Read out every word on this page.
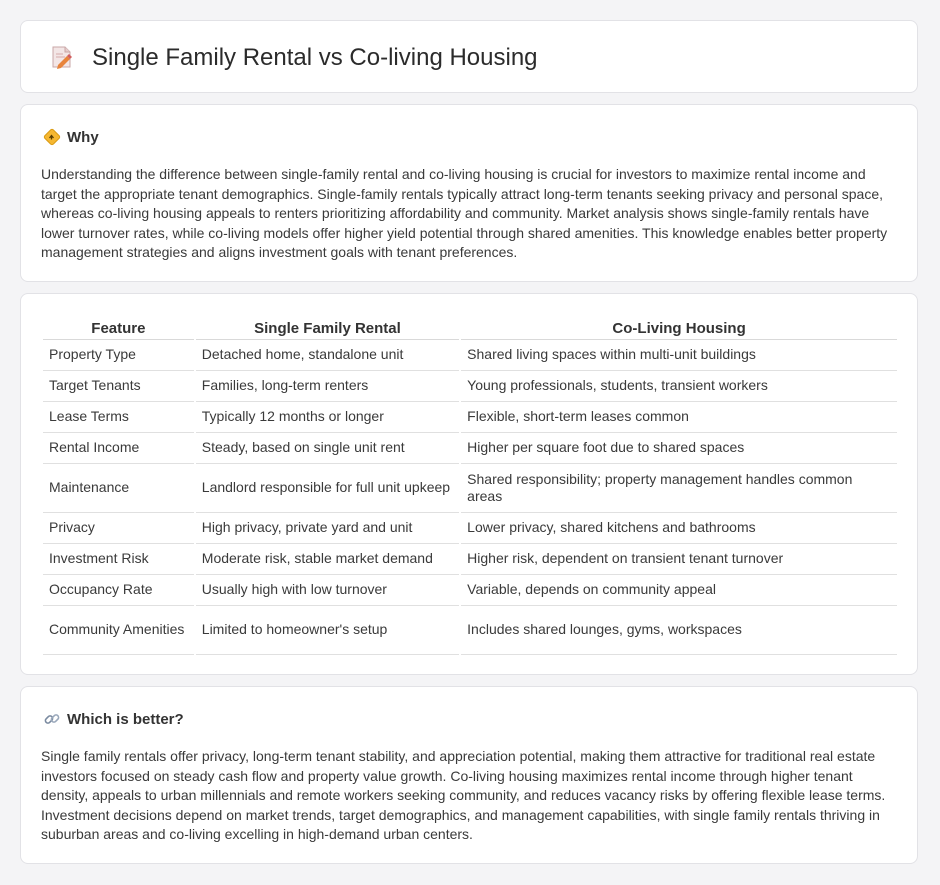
Single Family Rental vs Co-living Housing
Why

Understanding the difference between single-family rental and co-living housing is crucial for investors to maximize rental income and target the appropriate tenant demographics. Single-family rentals typically attract long-term tenants seeking privacy and personal space, whereas co-living housing appeals to renters prioritizing affordability and community. Market analysis shows single-family rentals have lower turnover rates, while co-living models offer higher yield potential through shared amenities. This knowledge enables better property management strategies and aligns investment goals with tenant preferences.

Feature	Single Family Rental	Co-Living Housing
Property Type	Detached home, standalone unit	Shared living spaces within multi-unit buildings
Target Tenants	Families, long-term renters	Young professionals, students, transient workers
Lease Terms	Typically 12 months or longer	Flexible, short-term leases common
Rental Income	Steady, based on single unit rent	Higher per square foot due to shared spaces
Maintenance	Landlord responsible for full unit upkeep	Shared responsibility; property management handles common areas
Privacy	High privacy, private yard and unit	Lower privacy, shared kitchens and bathrooms
Investment Risk	Moderate risk, stable market demand	Higher risk, dependent on transient tenant turnover
Occupancy Rate	Usually high with low turnover	Variable, depends on community appeal
Community Amenities	Limited to homeowner's setup	Includes shared lounges, gyms, workspaces
Which is better?

Single family rentals offer privacy, long-term tenant stability, and appreciation potential, making them attractive for traditional real estate investors focused on steady cash flow and property value growth. Co-living housing maximizes rental income through higher tenant density, appeals to urban millennials and remote workers seeking community, and reduces vacancy risks by offering flexible lease terms. Investment decisions depend on market trends, target demographics, and management capabilities, with single family rentals thriving in suburban areas and co-living excelling in high-demand urban centers.
